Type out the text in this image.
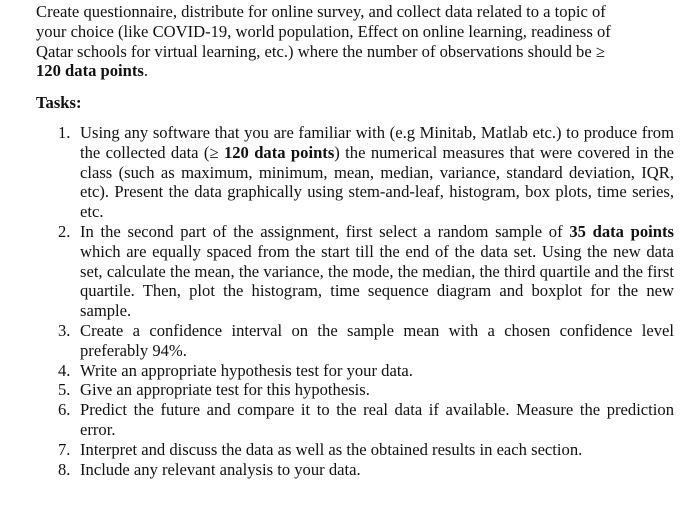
Create questionnaire, distribute for online survey, and collect data related to a topic of
your choice (like COVID-19, world population, Effect on online learning, readiness of
Qatar schools for virtual learning, etc.) where the number of observations should be ≥
120 data points.

Tasks:

1. Using any software that you are familiar with (e.g Minitab, Matlab etc.) to produce from the collected data (≥ 120 data points) the numerical measures that were covered in the class (such as maximum, minimum, mean, median, variance, standard deviation, IQR, etc). Present the data graphically using stem-and-leaf, histogram, box plots, time series, etc.
2. In the second part of the assignment, first select a random sample of 35 data points which are equally spaced from the start till the end of the data set. Using the new data set, calculate the mean, the variance, the mode, the median, the third quartile and the first quartile. Then, plot the histogram, time sequence diagram and boxplot for the new sample.
3. Create a confidence interval on the sample mean with a chosen confidence level preferably 94%.
4. Write an appropriate hypothesis test for your data.
5. Give an appropriate test for this hypothesis.
6. Predict the future and compare it to the real data if available. Measure the prediction error.
7. Interpret and discuss the data as well as the obtained results in each section.
8. Include any relevant analysis to your data.
